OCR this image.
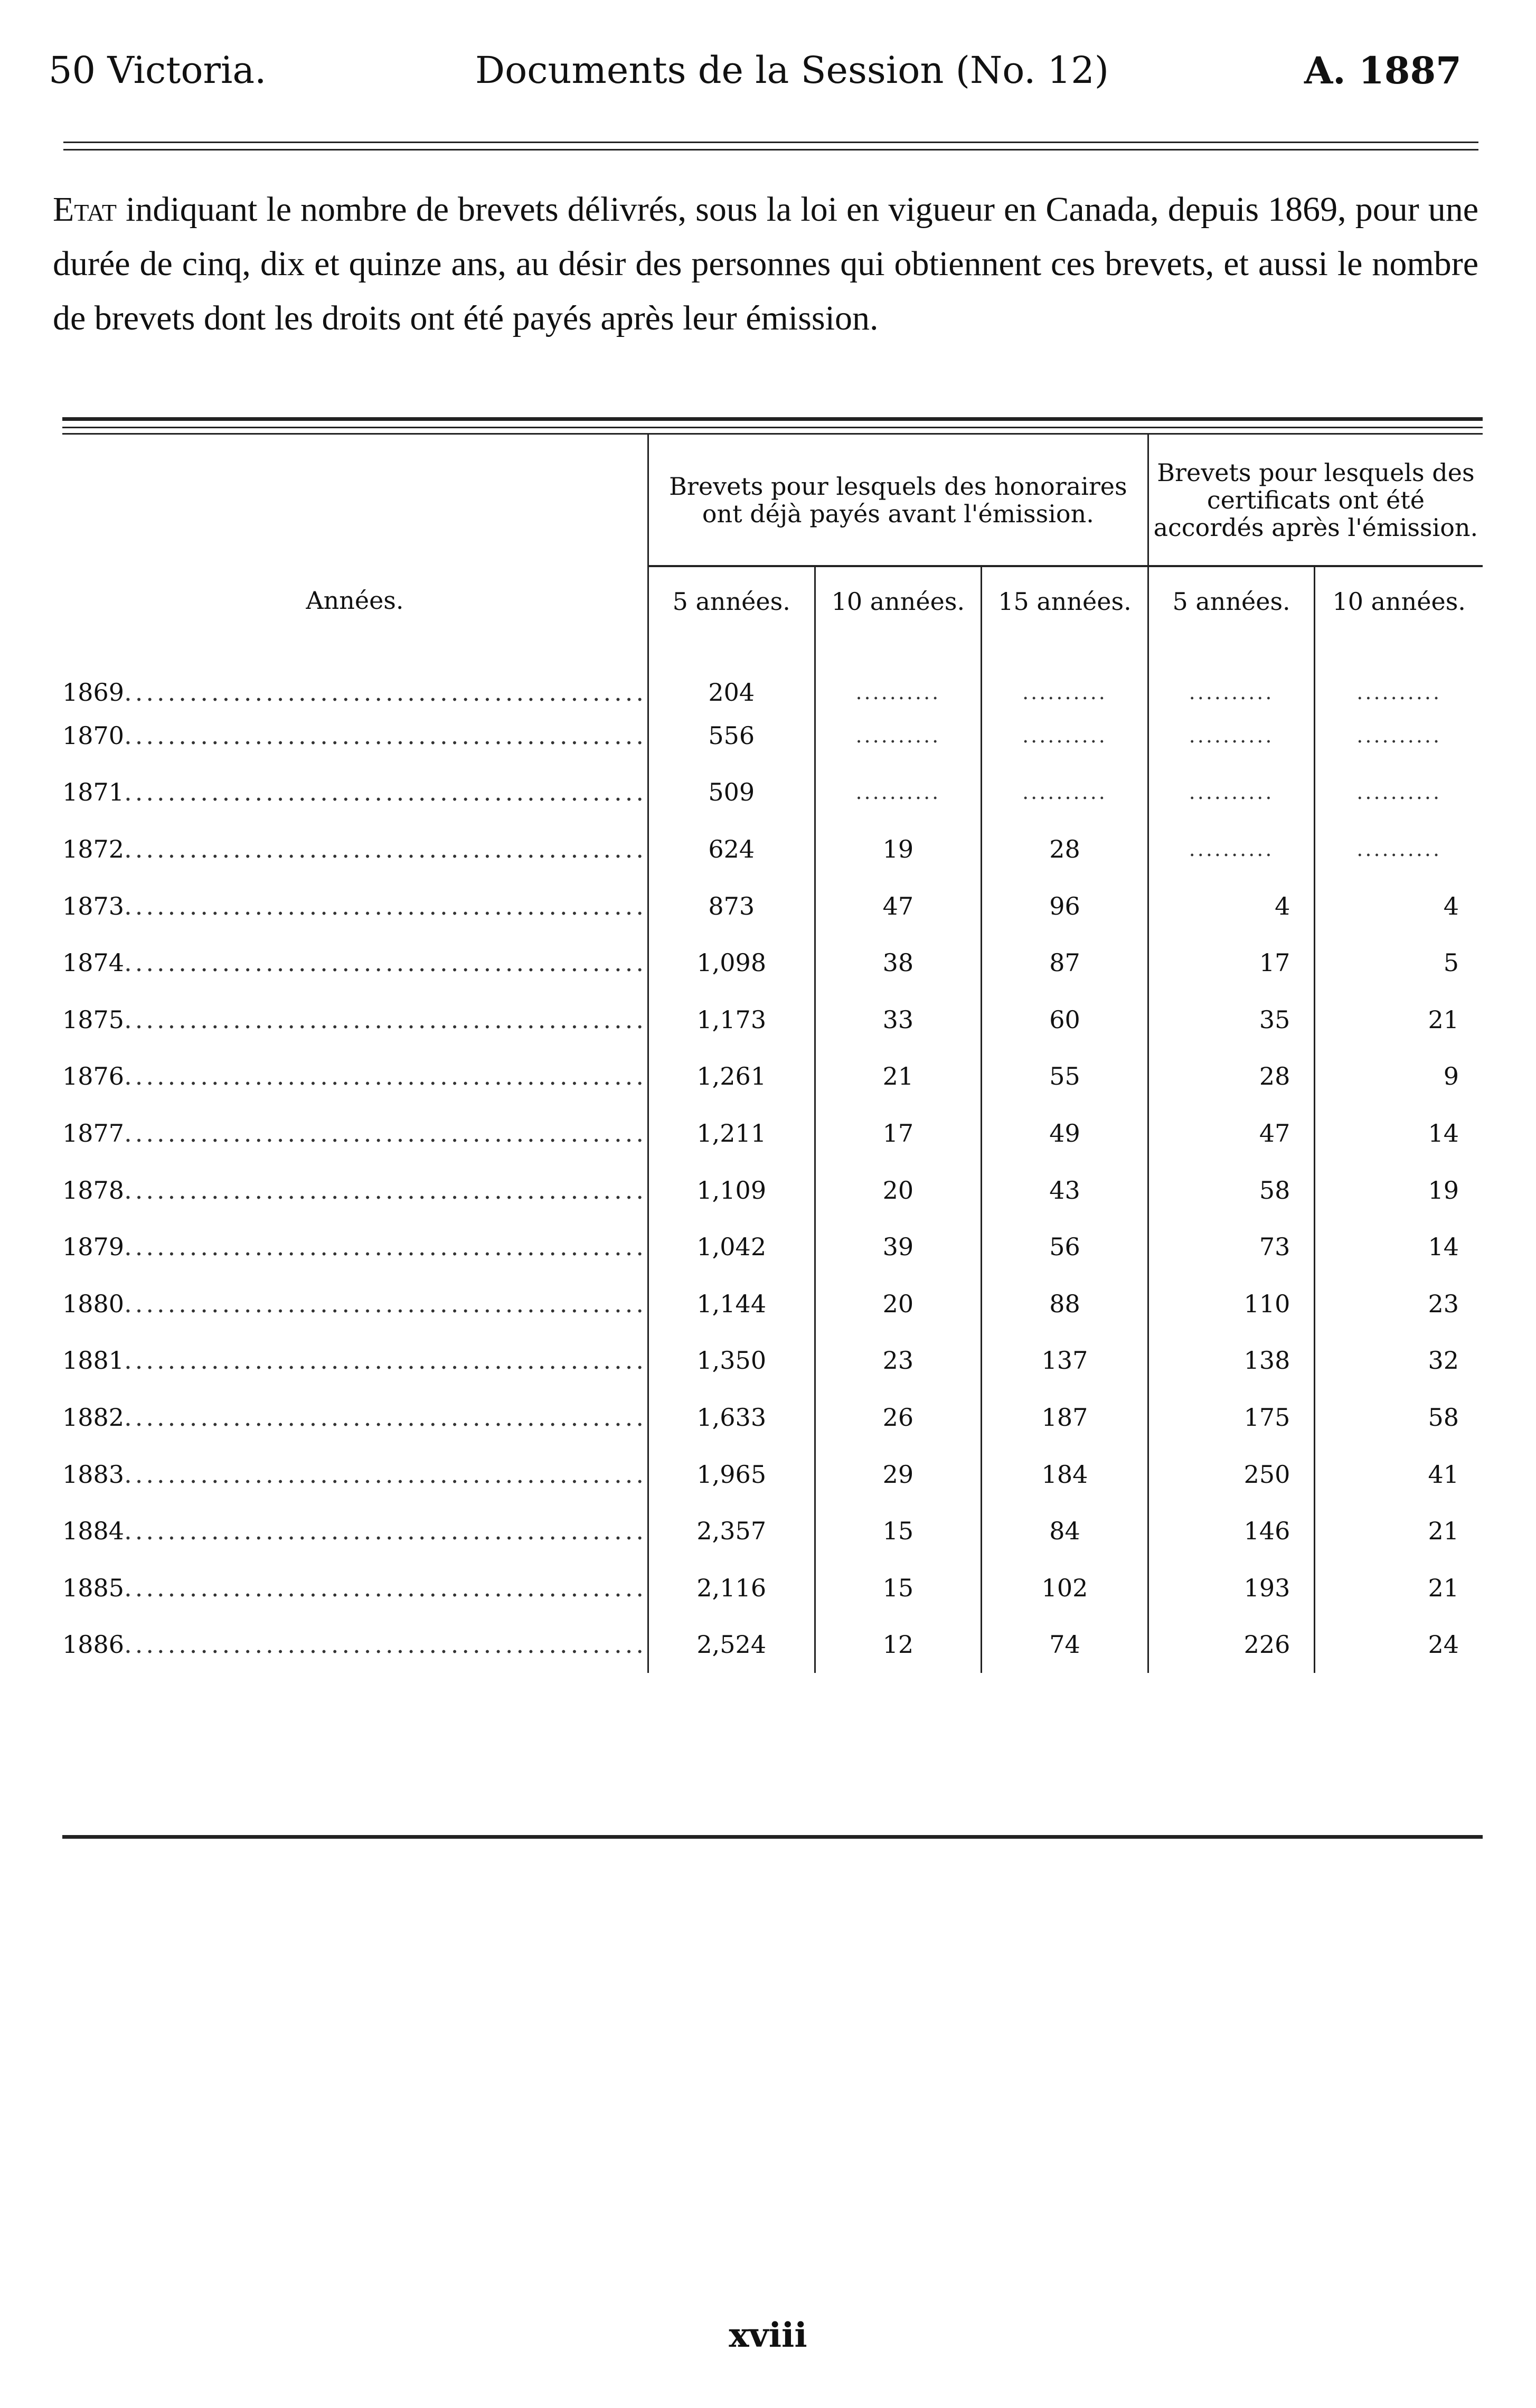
50 Victoria.	Documents de la Session (No. 12)	A. 1887
Etat indiquant le nombre de brevets délivrés, sous la loi en vigueur en Canada, depuis 1869, pour une durée de cinq, dix et quinze ans, au désir des personnes qui obtiennent ces brevets, et aussi le nombre de brevets dont les droits ont été payés après leur émission.
Années.	Brevets pour lesquels des honoraires ont déjà payés avant l'émission.			Brevets pour lesquels des certificats ont été accordés après l'émission.	
	5 années.	10 années.	15 années.	5 années.	10 années.
1869................................................	204	..........	..........	..........	..........
1870................................................	556	..........	..........	..........	..........
1871................................................	509	..........	..........	..........	..........
1872................................................	624	19	28	..........	..........
1873................................................	873	47	96	4	4
1874................................................	1,098	38	87	17	5
1875................................................	1,173	33	60	35	21
1876................................................	1,261	21	55	28	9
1877................................................	1,211	17	49	47	14
1878................................................	1,109	20	43	58	19
1879................................................	1,042	39	56	73	14
1880................................................	1,144	20	88	110	23
1881................................................	1,350	23	137	138	32
1882................................................	1,633	26	187	175	58
1883................................................	1,965	29	184	250	41
1884................................................	2,357	15	84	146	21
1885................................................	2,116	15	102	193	21
1886................................................	2,524	12	74	226	24
xviii
